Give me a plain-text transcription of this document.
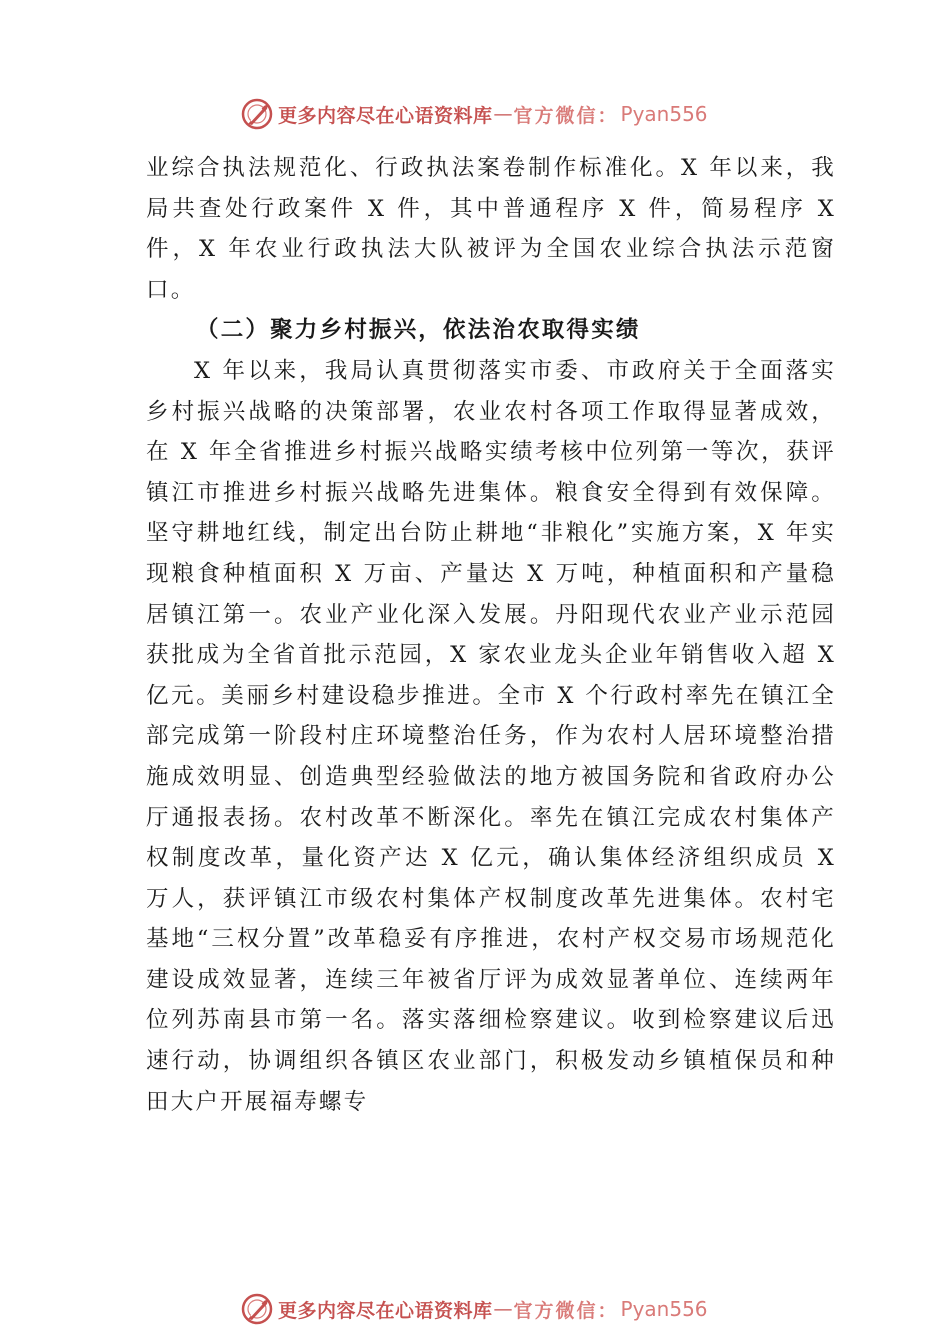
更多内容尽在心语资料库 — 官方微信： Pyan556

业综合执法规范化、行政执法案卷制作标准化。X 年以来，我局共查处行政案件 X 件，其中普通程序 X 件，简易程序 X 件，X 年农业行政执法大队被评为全国农业综合执法示范窗口。

（二）聚力乡村振兴，依法治农取得实绩

X 年以来，我局认真贯彻落实市委、市政府关于全面落实乡村振兴战略的决策部署，农业农村各项工作取得显著成效，在 X 年全省推进乡村振兴战略实绩考核中位列第一等次，获评镇江市推进乡村振兴战略先进集体。粮食安全得到有效保障。坚守耕地红线，制定出台防止耕地“非粮化”实施方案，X 年实现粮食种植面积 X 万亩、产量达 X 万吨，种植面积和产量稳居镇江第一。农业产业化深入发展。丹阳现代农业产业示范园获批成为全省首批示范园，X 家农业龙头企业年销售收入超 X 亿元。美丽乡村建设稳步推进。全市 X 个行政村率先在镇江全部完成第一阶段村庄环境整治任务，作为农村人居环境整治措施成效明显、创造典型经验做法的地方被国务院和省政府办公厅通报表扬。农村改革不断深化。率先在镇江完成农村集体产权制度改革，量化资产达 X 亿元，确认集体经济组织成员 X 万人，获评镇江市级农村集体产权制度改革先进集体。农村宅基地“三权分置”改革稳妥有序推进，农村产权交易市场规范化建设成效显著，连续三年被省厅评为成效显著单位、连续两年位列苏南县市第一名。落实落细检察建议。收到检察建议后迅速行动，协调组织各镇区农业部门，积极发动乡镇植保员和种田大户开展福寿螺专

更多内容尽在心语资料库 — 官方微信： Pyan556
